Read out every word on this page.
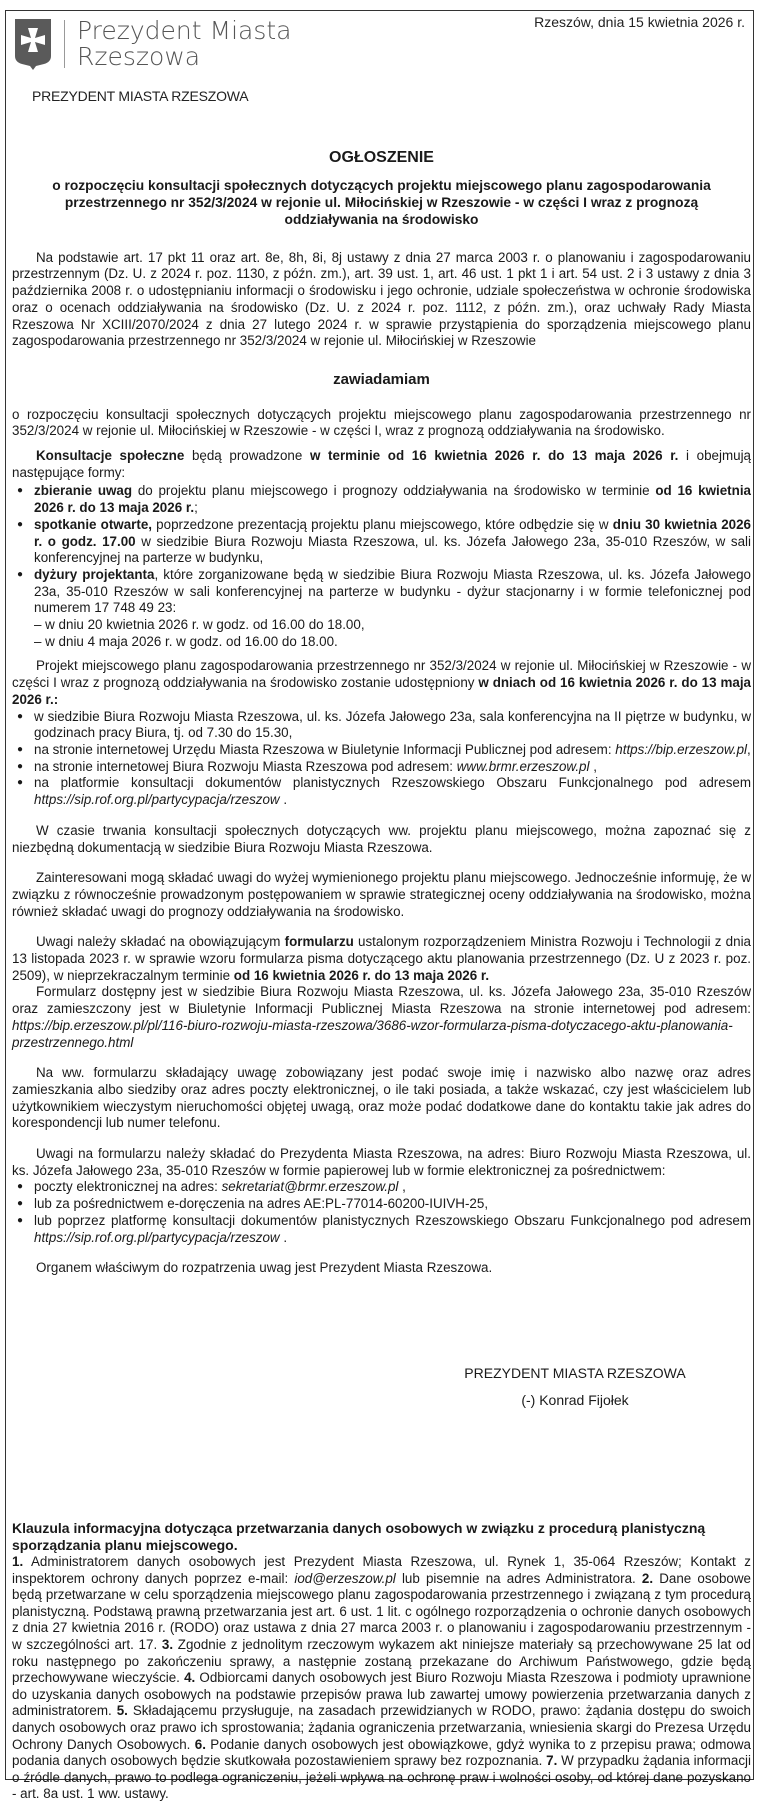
Prezydent Miasta
Rzeszowa
PREZYDENT MIASTA RZESZOWA
Rzeszów, dnia 15 kwietnia 2026 r.
OGŁOSZENIE
o rozpoczęciu konsultacji społecznych dotyczących projektu miejscowego planu zagospodarowania przestrzennego nr 352/3/2024 w rejonie ul. Miłocińskiej w Rzeszowie - w części I wraz z prognozą oddziaływania na środowisko

Na podstawie art. 17 pkt 11 oraz art. 8e, 8h, 8i, 8j ustawy z dnia 27 marca 2003 r. o planowaniu i zagospodarowaniu przestrzennym (Dz. U. z 2024 r. poz. 1130, z późn. zm.), art. 39 ust. 1, art. 46 ust. 1 pkt 1 i art. 54 ust. 2 i 3 ustawy z dnia 3 października 2008 r. o udostępnianiu informacji o środowisku i jego ochronie, udziale społeczeństwa w ochronie środowiska oraz o ocenach oddziaływania na środowisko (Dz. U. z 2024 r. poz. 1112, z późn. zm.), oraz uchwały Rady Miasta Rzeszowa Nr XCIII/2070/2024 z dnia 27 lutego 2024 r. w sprawie przystąpienia do sporządzenia miejscowego planu zagospodarowania przestrzennego nr 352/3/2024 w rejonie ul. Miłocińskiej w Rzeszowie

zawiadamiam

o rozpoczęciu konsultacji społecznych dotyczących projektu miejscowego planu zagospodarowania przestrzennego nr 352/3/2024 w rejonie ul. Miłocińskiej w Rzeszowie - w części I, wraz z prognozą oddziaływania na środowisko.

Konsultacje społeczne będą prowadzone w terminie od 16 kwietnia 2026 r. do 13 maja 2026 r. i obejmują następujące formy:

● zbieranie uwag do projektu planu miejscowego i prognozy oddziaływania na środowisko w terminie od 16 kwietnia 2026 r. do 13 maja 2026 r.;
● spotkanie otwarte, poprzedzone prezentacją projektu planu miejscowego, które odbędzie się w dniu 30 kwietnia 2026 r. o godz. 17.00 w siedzibie Biura Rozwoju Miasta Rzeszowa, ul. ks. Józefa Jałowego 23a, 35-010 Rzeszów, w sali konferencyjnej na parterze w budynku,
● dyżury projektanta, które zorganizowane będą w siedzibie Biura Rozwoju Miasta Rzeszowa, ul. ks. Józefa Jałowego 23a, 35-010 Rzeszów w sali konferencyjnej na parterze w budynku - dyżur stacjonarny i w formie telefonicznej pod numerem 17 748 49 23:
– w dniu 20 kwietnia 2026 r. w godz. od 16.00 do 18.00,
– w dniu 4 maja 2026 r. w godz. od 16.00 do 18.00.

Projekt miejscowego planu zagospodarowania przestrzennego nr 352/3/2024 w rejonie ul. Miłocińskiej w Rzeszowie - w części I wraz z prognozą oddziaływania na środowisko zostanie udostępniony w dniach od 16 kwietnia 2026 r. do 13 maja 2026 r.:

● w siedzibie Biura Rozwoju Miasta Rzeszowa, ul. ks. Józefa Jałowego 23a, sala konferencyjna na II piętrze w budynku, w godzinach pracy Biura, tj. od 7.30 do 15.30,
● na stronie internetowej Urzędu Miasta Rzeszowa w Biuletynie Informacji Publicznej pod adresem: https://bip.erzeszow.pl,
● na stronie internetowej Biura Rozwoju Miasta Rzeszowa pod adresem: www.brmr.erzeszow.pl ,
● na platformie konsultacji dokumentów planistycznych Rzeszowskiego Obszaru Funkcjonalnego pod adresem https://sip.rof.org.pl/partycypacja/rzeszow .

W czasie trwania konsultacji społecznych dotyczących ww. projektu planu miejscowego, można zapoznać się z niezbędną dokumentacją w siedzibie Biura Rozwoju Miasta Rzeszowa.

Zainteresowani mogą składać uwagi do wyżej wymienionego projektu planu miejscowego. Jednocześnie informuję, że w związku z równocześnie prowadzonym postępowaniem w sprawie strategicznej oceny oddziaływania na środowisko, można również składać uwagi do prognozy oddziaływania na środowisko.

Uwagi należy składać na obowiązującym formularzu ustalonym rozporządzeniem Ministra Rozwoju i Technologii z dnia 13 listopada 2023 r. w sprawie wzoru formularza pisma dotyczącego aktu planowania przestrzennego (Dz. U z 2023 r. poz. 2509), w nieprzekraczalnym terminie od 16 kwietnia 2026 r. do 13 maja 2026 r.

Formularz dostępny jest w siedzibie Biura Rozwoju Miasta Rzeszowa, ul. ks. Józefa Jałowego 23a, 35-010 Rzeszów oraz zamieszczony jest w Biuletynie Informacji Publicznej Miasta Rzeszowa na stronie internetowej pod adresem: https://bip.erzeszow.pl/pl/116-biuro-rozwoju-miasta-rzeszowa/3686-wzor-formularza-pisma-dotyczacego-aktu-planowania-przestrzennego.html

Na ww. formularzu składający uwagę zobowiązany jest podać swoje imię i nazwisko albo nazwę oraz adres zamieszkania albo siedziby oraz adres poczty elektronicznej, o ile taki posiada, a także wskazać, czy jest właścicielem lub użytkownikiem wieczystym nieruchomości objętej uwagą, oraz może podać dodatkowe dane do kontaktu takie jak adres do korespondencji lub numer telefonu.

Uwagi na formularzu należy składać do Prezydenta Miasta Rzeszowa, na adres: Biuro Rozwoju Miasta Rzeszowa, ul. ks. Józefa Jałowego 23a, 35-010 Rzeszów w formie papierowej lub w formie elektronicznej za pośrednictwem:

● poczty elektronicznej na adres: sekretariat@brmr.erzeszow.pl ,
● lub za pośrednictwem e-doręczenia na adres AE:PL-77014-60200-IUIVH-25,
● lub poprzez platformę konsultacji dokumentów planistycznych Rzeszowskiego Obszaru Funkcjonalnego pod adresem https://sip.rof.org.pl/partycypacja/rzeszow .

Organem właściwym do rozpatrzenia uwag jest Prezydent Miasta Rzeszowa.

PREZYDENT MIASTA RZESZOWA
(-) Konrad Fijołek
Klauzula informacyjna dotycząca przetwarzania danych osobowych w związku z procedurą planistyczną sporządzania planu miejscowego.

1. Administratorem danych osobowych jest Prezydent Miasta Rzeszowa, ul. Rynek 1, 35-064 Rzeszów; Kontakt z inspektorem ochrony danych poprzez e-mail: iod@erzeszow.pl lub pisemnie na adres Administratora. 2. Dane osobowe będą przetwarzane w celu sporządzenia miejscowego planu zagospodarowania przestrzennego i związaną z tym procedurą planistyczną. Podstawą prawną przetwarzania jest art. 6 ust. 1 lit. c ogólnego rozporządzenia o ochronie danych osobowych z dnia 27 kwietnia 2016 r. (RODO) oraz ustawa z dnia 27 marca 2003 r. o planowaniu i zagospodarowaniu przestrzennym - w szczególności art. 17. 3. Zgodnie z jednolitym rzeczowym wykazem akt niniejsze materiały są przechowywane 25 lat od roku następnego po zakończeniu sprawy, a następnie zostaną przekazane do Archiwum Państwowego, gdzie będą przechowywane wieczyście. 4. Odbiorcami danych osobowych jest Biuro Rozwoju Miasta Rzeszowa i podmioty uprawnione do uzyskania danych osobowych na podstawie przepisów prawa lub zawartej umowy powierzenia przetwarzania danych z administratorem. 5. Składającemu przysługuje, na zasadach przewidzianych w RODO, prawo: żądania dostępu do swoich danych osobowych oraz prawo ich sprostowania; żądania ograniczenia przetwarzania, wniesienia skargi do Prezesa Urzędu Ochrony Danych Osobowych. 6. Podanie danych osobowych jest obowiązkowe, gdyż wynika to z przepisu prawa; odmowa podania danych osobowych będzie skutkowała pozostawieniem sprawy bez rozpoznania. 7. W przypadku żądania informacji o źródle danych, prawo to podlega ograniczeniu, jeżeli wpływa na ochronę praw i wolności osoby, od której dane pozyskano - art. 8a ust. 1 ww. ustawy.
